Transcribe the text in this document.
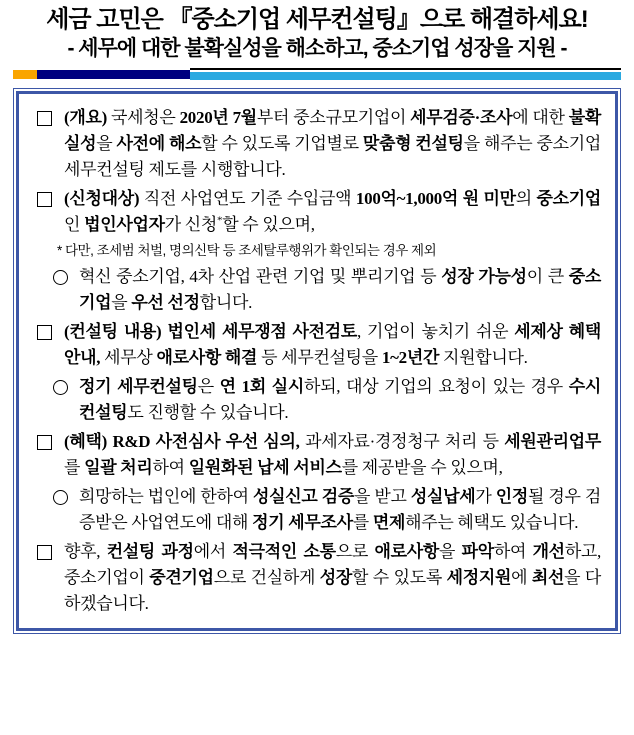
세금 고민은 『중소기업 세무컨설팅』으로 해결하세요!
- 세무에 대한 불확실성을 해소하고, 중소기업 성장을 지원 -
(개요) 국세청은 2020년 7월부터 중소규모기업이 세무검증·조사에 대한 불확실성을 사전에 해소할 수 있도록 기업별로 맞춤형 컨설팅을 해주는 중소기업 세무컨설팅 제도를 시행합니다.
(신청대상) 직전 사업연도 기준 수입금액 100억~1,000억 원 미만의 중소기업인 법인사업자가 신청*할 수 있으며,
* 다만, 조세범 처벌, 명의신탁 등 조세탈루행위가 확인되는 경우 제외
혁신 중소기업, 4차 산업 관련 기업 및 뿌리기업 등 성장 가능성이 큰 중소기업을 우선 선정합니다.
(컨설팅 내용) 법인세 세무쟁점 사전검토, 기업이 놓치기 쉬운 세제상 혜택 안내, 세무상 애로사항 해결 등 세무컨설팅을 1~2년간 지원합니다.
정기 세무컨설팅은 연 1회 실시하되, 대상 기업의 요청이 있는 경우 수시 컨설팅도 진행할 수 있습니다.
(혜택) R&D 사전심사 우선 심의, 과세자료·경정청구 처리 등 세원관리업무를 일괄 처리하여 일원화된 납세 서비스를 제공받을 수 있으며,
희망하는 법인에 한하여 성실신고 검증을 받고 성실납세가 인정될 경우 검증받은 사업연도에 대해 정기 세무조사를 면제해주는 혜택도 있습니다.
향후, 컨설팅 과정에서 적극적인 소통으로 애로사항을 파악하여 개선하고, 중소기업이 중견기업으로 건실하게 성장할 수 있도록 세정지원에 최선을 다하겠습니다.
